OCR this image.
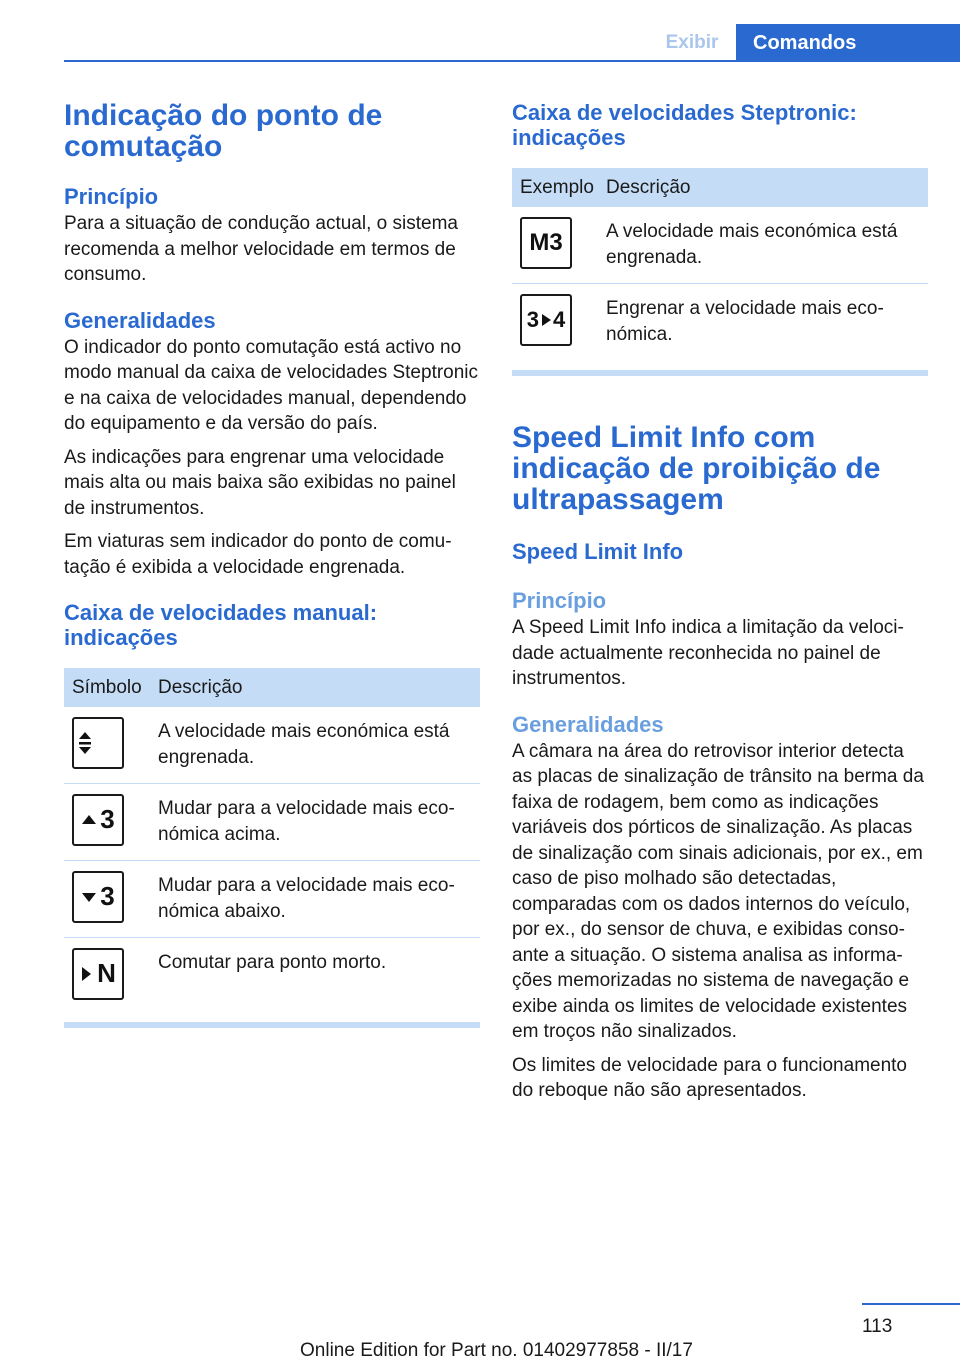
Exibir	Comandos
Indicação do ponto de comutação
Princípio

Para a situação de condução actual, o sistema recomenda a melhor velocidade em termos de consumo.

Generalidades

O indicador do ponto comutação está activo no modo manual da caixa de velocidades Steptronic e na caixa de velocidades manual, dependendo do equipamento e da versão do país.

As indicações para engrenar uma velocidade mais alta ou mais baixa são exibidas no painel de instrumentos.

Em viaturas sem indicador do ponto de comutação é exibida a velocidade engrenada.

Caixa de velocidades manual: indicações
Símbolo	Descrição

	A velocidade mais económica está engrenada.

3	Mudar para a velocidade mais económica acima.

3	Mudar para a velocidade mais económica abaixo.

N	Comutar para ponto morto.
Caixa de velocidades Steptronic: indicações
Exemplo	Descrição

M3	A velocidade mais económica está engrenada.

3 4	Engrenar a velocidade mais económica.
Speed Limit Info com indicação de proibição de ultrapassagem
Speed Limit Info
Princípio

A Speed Limit Info indica a limitação da velocidade actualmente reconhecida no painel de instrumentos.

Generalidades

A câmara na área do retrovisor interior detecta as placas de sinalização de trânsito na berma da faixa de rodagem, bem como as indicações variáveis dos pórticos de sinalização. As placas de sinalização com sinais adicionais, por ex., em caso de piso molhado são detectadas, comparadas com os dados internos do veículo, por ex., do sensor de chuva, e exibidas consoante a situação. O sistema analisa as informações memorizadas no sistema de navegação e exibe ainda os limites de velocidade existentes em troços não sinalizados.

Os limites de velocidade para o funcionamento do reboque não são apresentados.

113
Online Edition for Part no. 01402977858 - II/17
